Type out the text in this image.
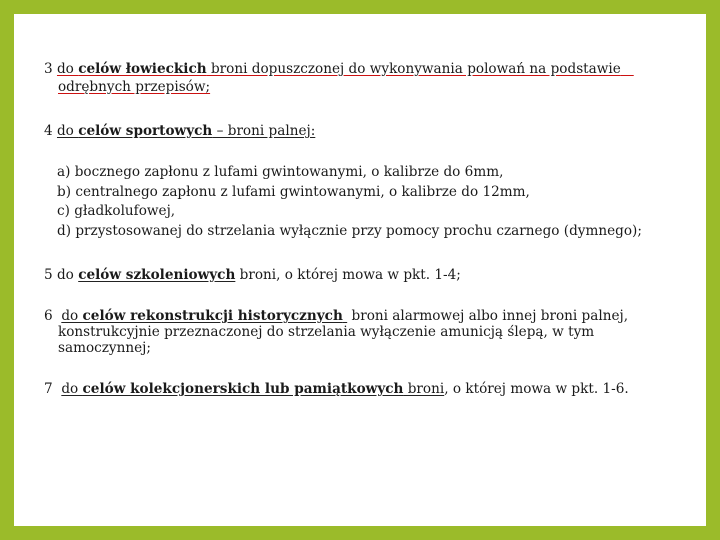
3 do celów łowieckich broni dopuszczonej do wykonywania polowań na podstawie
odrębnych przepisów;
4 do celów sportowych – broni palnej:
a) bocznego zapłonu z lufami gwintowanymi, o kalibrze do 6mm,
b) centralnego zapłonu z lufami gwintowanymi, o kalibrze do 12mm,
c) gładkolufowej,
d) przystosowanej do strzelania wyłącznie przy pomocy prochu czarnego (dymnego);
5 do celów szkoleniowych broni, o której mowa w pkt. 1-4;
6 do celów rekonstrukcji historycznych  broni alarmowej albo innej broni palnej,
konstrukcyjnie przeznaczonej do strzelania wyłączenie amunicją ślepą, w tym
samoczynnej;
7 do celów kolekcjonerskich lub pamiątkowych broni, o której mowa w pkt. 1-6.
